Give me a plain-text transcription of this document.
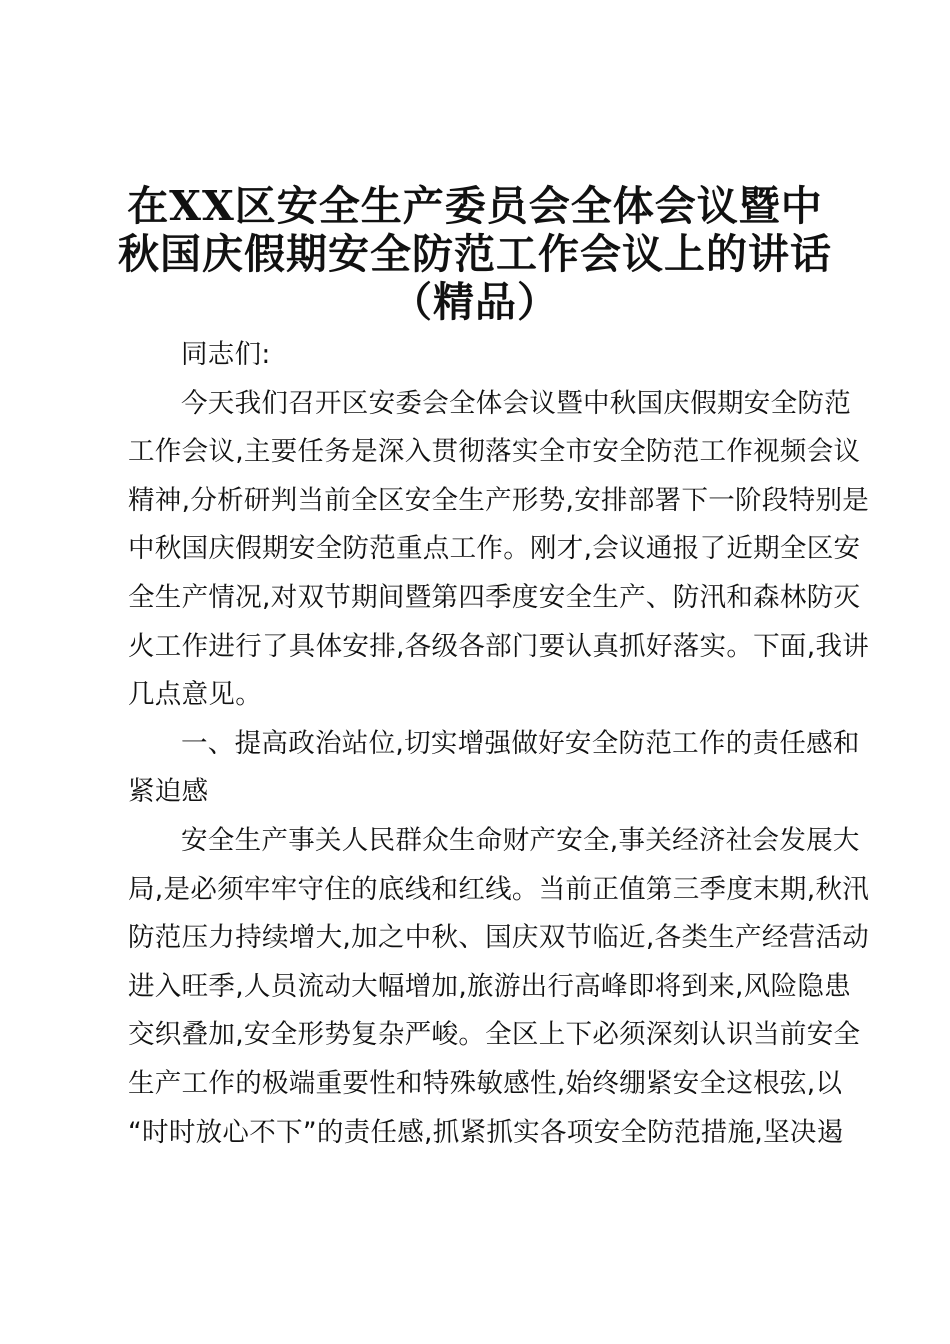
在XX区安全生产委员会全体会议暨中
秋国庆假期安全防范工作会议上的讲话
（精品）

同志们:

今天我们召开区安委会全体会议暨中秋国庆假期安全防范
工作会议,主要任务是深入贯彻落实全市安全防范工作视频会议
精神,分析研判当前全区安全生产形势,安排部署下一阶段特别是
中秋国庆假期安全防范重点工作。刚才,会议通报了近期全区安
全生产情况,对双节期间暨第四季度安全生产、防汛和森林防灭
火工作进行了具体安排,各级各部门要认真抓好落实。下面,我讲
几点意见。

一、提高政治站位,切实增强做好安全防范工作的责任感和
紧迫感

安全生产事关人民群众生命财产安全,事关经济社会发展大
局,是必须牢牢守住的底线和红线。当前正值第三季度末期,秋汛
防范压力持续增大,加之中秋、国庆双节临近,各类生产经营活动
进入旺季,人员流动大幅增加,旅游出行高峰即将到来,风险隐患
交织叠加,安全形势复杂严峻。全区上下必须深刻认识当前安全
生产工作的极端重要性和特殊敏感性,始终绷紧安全这根弦,以
“时时放心不下”的责任感,抓紧抓实各项安全防范措施,坚决遏
